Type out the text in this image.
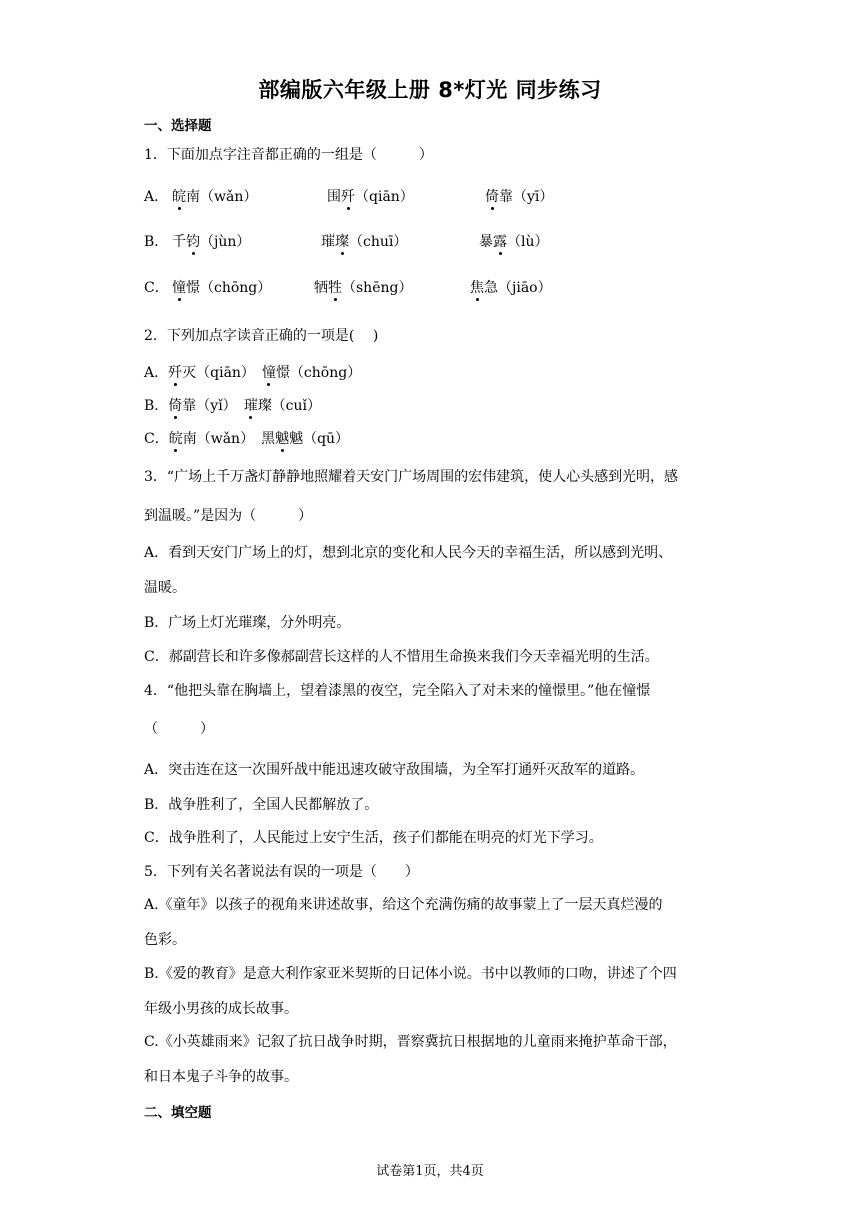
部编版六年级上册 8*灯光 同步练习
一、选择题
1．下面加点字注音都正确的一组是（　　　）
A． 皖南（wǎn）	围歼（qiān）	倚靠（yī）
B． 千钧（jùn）	璀璨（chuī）	暴露（lù）
C． 憧憬（chōng）	牺牲（shēng）	焦急（jiāo）
2．下列加点字读音正确的一项是(　 )
A．歼灭（qiān）　 憧憬（chōng）
B．倚靠（yǐ）　 璀璨（cuǐ）
C．皖南（wǎn）　 黑魆魆（qū）
3．“广场上千万盏灯静静地照耀着天安门广场周围的宏伟建筑，使人心头感到光明，感
到温暖。”是因为（　　　）
A．看到天安门广场上的灯，想到北京的变化和人民今天的幸福生活，所以感到光明、
温暖。
B．广场上灯光璀璨，分外明亮。
C．郝副营长和许多像郝副营长这样的人不惜用生命换来我们今天幸福光明的生活。
4．“他把头靠在胸墙上，望着漆黑的夜空，完全陷入了对未来的憧憬里。”他在憧憬
（　　　）
A．突击连在这一次围歼战中能迅速攻破守敌围墙，为全军打通歼灭敌军的道路。
B．战争胜利了，全国人民都解放了。
C．战争胜利了，人民能过上安宁生活，孩子们都能在明亮的灯光下学习。
5．下列有关名著说法有误的一项是（　　）
A.《童年》以孩子的视角来讲述故事，给这个充满伤痛的故事蒙上了一层天真烂漫的
色彩。
B.《爱的教育》是意大利作家亚米契斯的日记体小说。书中以教师的口吻，讲述了个四
年级小男孩的成长故事。
C.《小英雄雨来》记叙了抗日战争时期，晋察冀抗日根据地的儿童雨来掩护革命干部，
和日本鬼子斗争的故事。
二、填空题
试卷第1页，共4页
